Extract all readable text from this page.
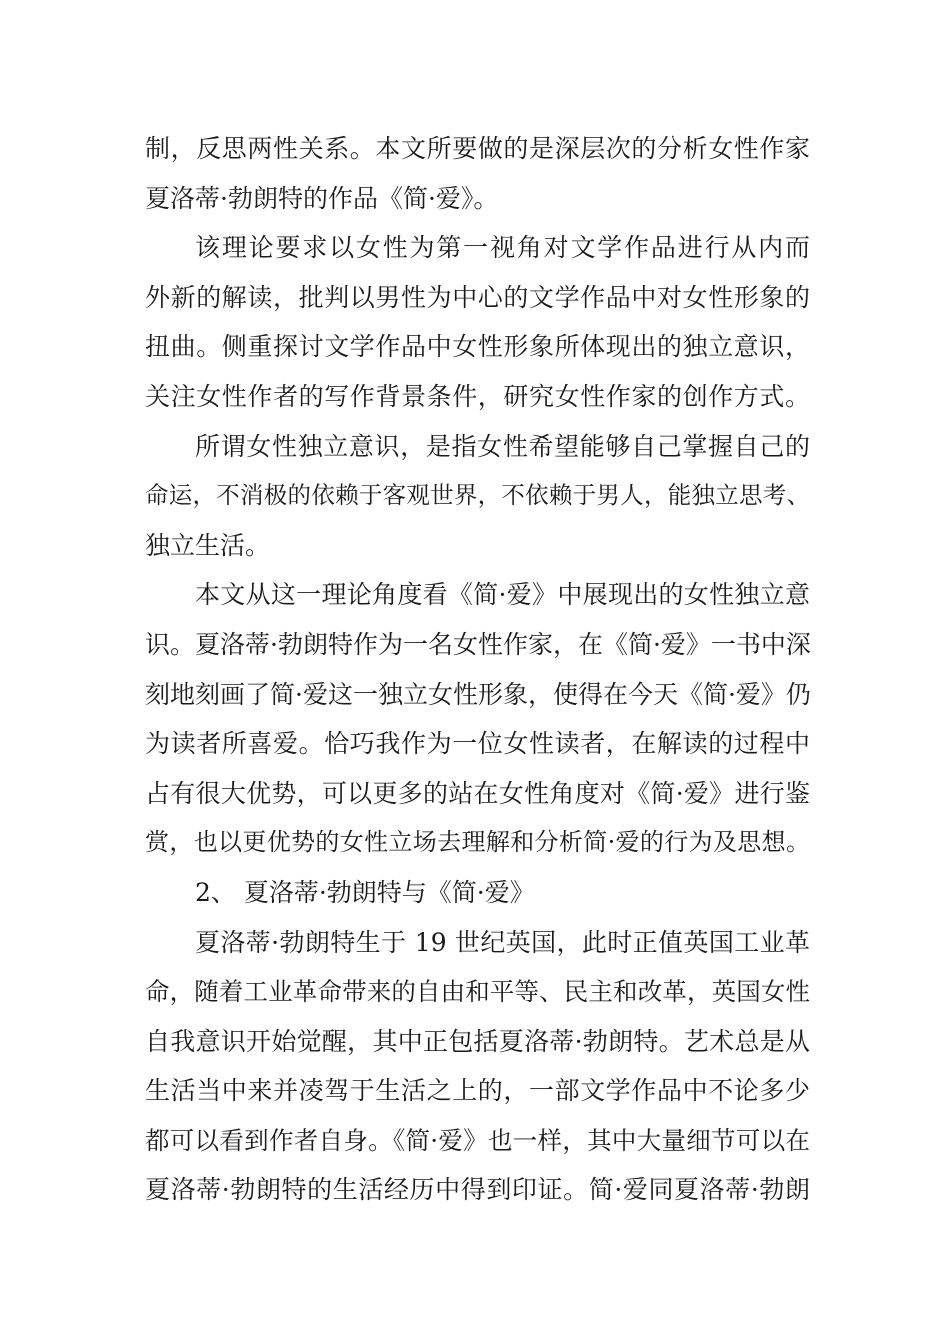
制，反思两性关系。本文所要做的是深层次的分析女性作家
夏洛蒂·勃朗特的作品《简·爱》。
该理论要求以女性为第一视角对文学作品进行从内而
外新的解读，批判以男性为中心的文学作品中对女性形象的
扭曲。侧重探讨文学作品中女性形象所体现出的独立意识，
关注女性作者的写作背景条件，研究女性作家的创作方式。
所谓女性独立意识，是指女性希望能够自己掌握自己的
命运，不消极的依赖于客观世界，不依赖于男人，能独立思考、
独立生活。
本文从这一理论角度看《简·爱》中展现出的女性独立意
识。夏洛蒂·勃朗特作为一名女性作家，在《简·爱》一书中深
刻地刻画了简·爱这一独立女性形象，使得在今天《简·爱》仍
为读者所喜爱。恰巧我作为一位女性读者，在解读的过程中
占有很大优势，可以更多的站在女性角度对《简·爱》进行鉴
赏，也以更优势的女性立场去理解和分析简·爱的行为及思想。
2、 夏洛蒂·勃朗特与《简·爱》
夏洛蒂·勃朗特生于 19 世纪英国，此时正值英国工业革
命，随着工业革命带来的自由和平等、民主和改革，英国女性
自我意识开始觉醒，其中正包括夏洛蒂·勃朗特。艺术总是从
生活当中来并凌驾于生活之上的，一部文学作品中不论多少
都可以看到作者自身。《简·爱》也一样，其中大量细节可以在
夏洛蒂·勃朗特的生活经历中得到印证。简·爱同夏洛蒂·勃朗
